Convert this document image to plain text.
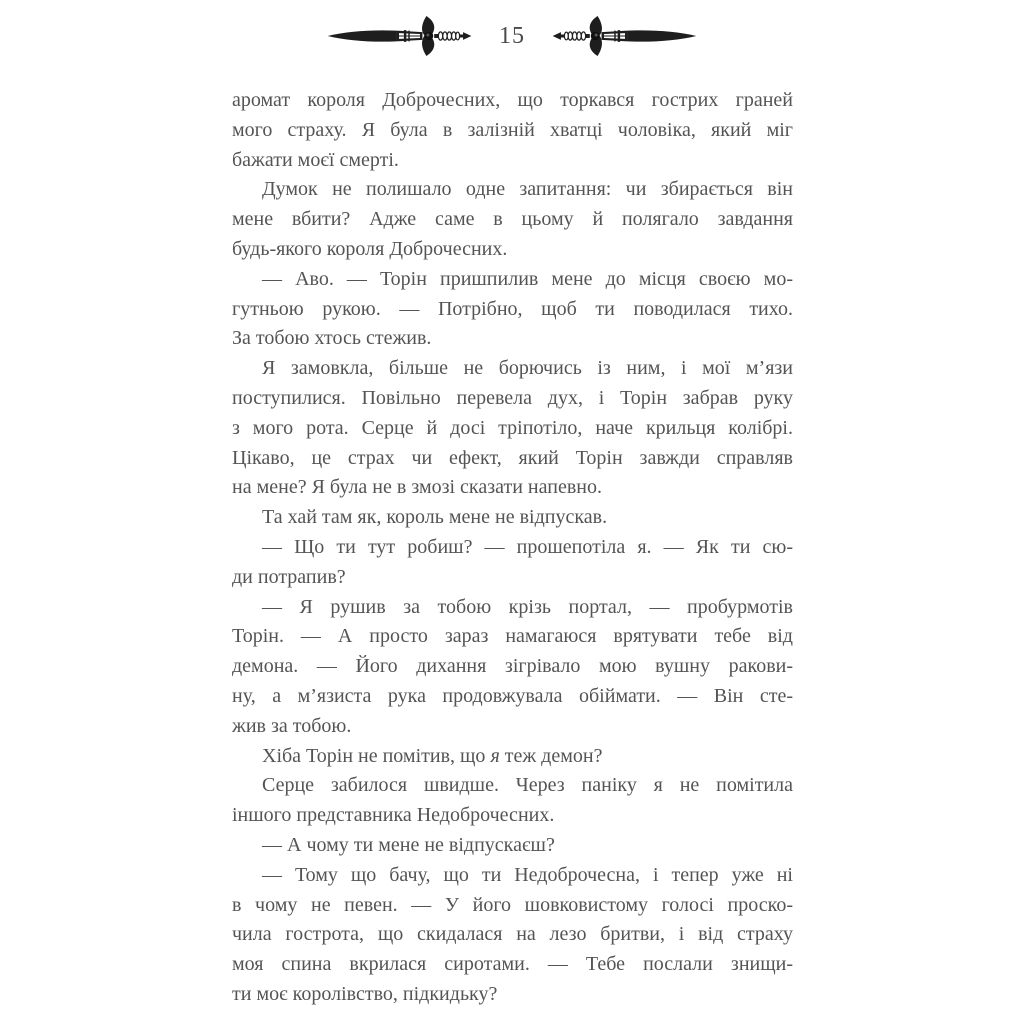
15
аромат короля Доброчесних, що торкався гострих граней
мого страху. Я була в залізній хватці чоловіка, який міг
бажати моєї смерті.
Думок не полишало одне запитання: чи збирається він
мене вбити? Адже саме в цьому й полягало завдання
будь-якого короля Доброчесних.
— Аво. — Торін пришпилив мене до місця своєю мо-
гутньою рукою. — Потрібно, щоб ти поводилася тихо.
За тобою хтось стежив.
Я замовкла, більше не борючись із ним, і мої м’язи
поступилися. Повільно перевела дух, і Торін забрав руку
з мого рота. Серце й досі тріпотіло, наче крильця колібрі.
Цікаво, це страх чи ефект, який Торін завжди справляв
на мене? Я була не в змозі сказати напевно.
Та хай там як, король мене не відпускав.
— Що ти тут робиш? — прошепотіла я. — Як ти сю-
ди потрапив?
— Я рушив за тобою крізь портал, — пробурмотів
Торін. — А просто зараз намагаюся врятувати тебе від
демона. — Його дихання зігрівало мою вушну ракови-
ну, а м’язиста рука продовжувала обіймати. — Він сте-
жив за тобою.
Хіба Торін не помітив, що я теж демон?
Серце забилося швидше. Через паніку я не помітила
іншого представника Недоброчесних.
— А чому ти мене не відпускаєш?
— Тому що бачу, що ти Недоброчесна, і тепер уже ні
в чому не певен. — У його шовковистому голосі проско-
чила гострота, що скидалася на лезо бритви, і від страху
моя спина вкрилася сиротами. — Тебе послали знищи-
ти моє королівство, підкидьку?
